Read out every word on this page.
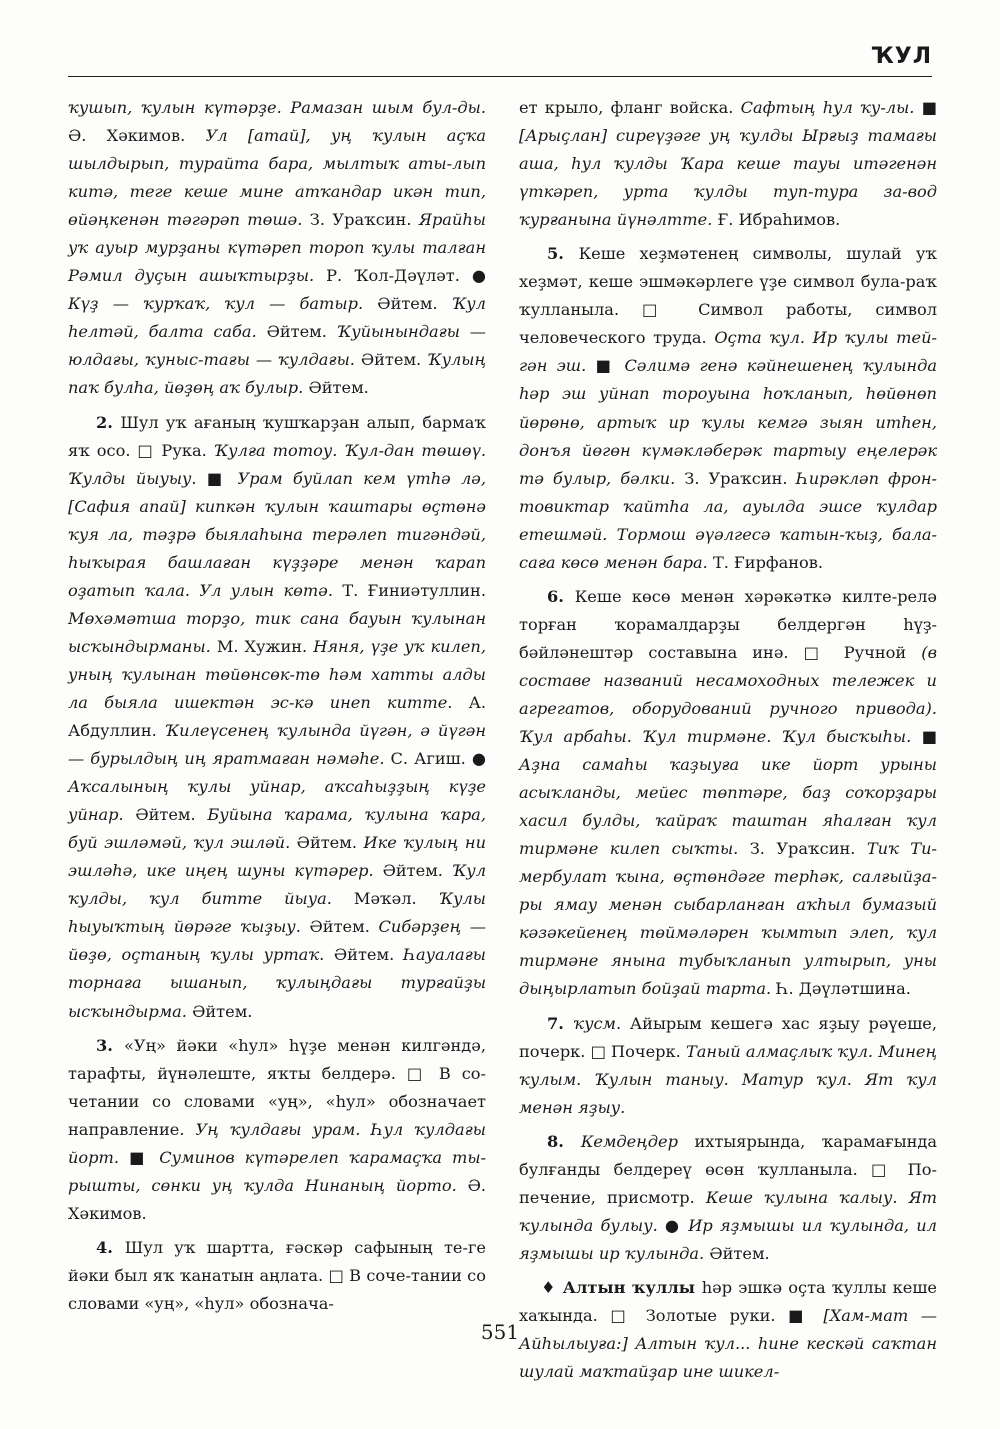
ҠУЛ

ҡушып, ҡулын күтәрҙе. Рамазан шым бул-ды.Ә. Хәкимов. Ул [атай], уң ҡулын аҫҡа шылдырып, турайта бара, мылтыҡ аты-лып китә, теге кеше мине атҡандар икән тип, өйәңкенән тәгәрәп төшә. З. Ураҡсин. Ярайһы уҡ ауыр мурҙаны күтәреп тороп ҡулы талған Рәмил дуҫын ашыҡтырҙы. Р. Ҡол-Дәүләт. ●Күҙ — ҡурҡаҡ, ҡул — батыр. Әйтем. Ҡул һелтәй, балта саба. Әйтем. Ҡуйынындағы — юлдағы, ҡуныс-тағы — ҡулдағы. Әйтем. Ҡулың паҡ булһа, йөҙөң аҡ булыр. Әйтем.

2. Шул уҡ ағаның ҡушҡарҙан алып, бармаҡ яҡ осо. □ Рука. Ҡулға тотоу. Ҡул-дан төшөү. Ҡулды йыуыу. ■ Урам буйлап кем үтһә лә, [Сафия апай] кипкән ҡулын ҡаштары өҫтөнә ҡуя ла, тәҙрә быялаһына терәлеп тигәндәй, һыҡырая башлаған күҙҙәре менән ҡарап оҙатып ҡала. Ул улын көтә. Т. Ғиниәтуллин.Мөхәмәтша торҙо, тик сана бауын ҡулынан ысҡындырманы. М. Хужин. Няня, үҙе уҡ килеп, уның ҡулынан төйөнсөк-тө һәм хатты алды ла быяла ишектән эс-кә инеп китте. А. Абдуллин. Ҡилеүсенең ҡулында йүгән, ә йүгән — бурылдың иң яратмаған нәмәһе. С. Агиш. ●Аҡсалының ҡулы уйнар, аҡсаһыҙҙың күҙе уйнар. Әйтем. Буйына ҡарама, ҡулына ҡара, буй эшләмәй, ҡул эшләй. Әйтем. Ике ҡулың ни эшләһә, ике иңең шуны күтәрер. Әйтем. Ҡул ҡулды, ҡул битте йыуа. Мәҡәл. Ҡулы һыуыҡтың йөрәге ҡыҙыу. Әйтем. Сибәрҙең — йөҙө, оҫтаның ҡулы уртаҡ. Әйтем. Һауалағы торнаға ышанып, ҡулыңдағы турғайҙы ысҡындырма. Әйтем.

3. «Уң» йәки «һул» һүҙе менән килгәндә, тарафты, йүнәлеште, яҡты белдерә. □ В со-четании со словами «уң», «һул» обозначает направление. Уң ҡулдағы урам. Һул ҡулдағы йорт. ■ Суминов күтәрелеп ҡарамаҫҡа ты-рышты, сөнки уң ҡулда Нинаның йорто. Ә. Хәкимов.

4. Шул уҡ шартта, ғәскәр сафының те-ге йәки был яҡ ҡанатын аңлата. □ В соче-тании со словами «уң», «һул» обознача-

ет крыло, фланг войска. Сафтың һул ҡу-лы. ■[Арыҫлан] сиреүҙәге уң ҡулды Ырғыҙ тамағы аша, һул ҡулды Ҡара кеше тауы итәгенән үткәреп, урта ҡулды туп-тура за-вод ҡурғанына йүнәлтте. Ғ. Ибраһимов.

5. Кеше хеҙмәтенең символы, шулай уҡ хеҙмәт, кеше эшмәкәрлеге үҙе символ була-раҡ ҡулланыла. □ Символ работы, символ человеческого труда. Оҫта ҡул. Ир ҡулы тей-гән эш. ■ Сәлимә генә кәйнешенең ҡулында һәр эш уйнап тороуына һоҡланып, һөйөнөп йөрөнө, артыҡ ир ҡулы кемгә зыян итһен, донъя йөгөн күмәкләберәк тартыу еңелерәк тә булыр, бәлки. З. Ураҡсин. Һирәкләп фрон-товиктар ҡайтһа ла, ауылда эшсе ҡулдар етешмәй. Тормош әүәлгесә ҡатын-ҡыҙ, бала-саға көсө менән бара. Т. Ғирфанов.

6. Кеше көсө менән хәрәкәткә килте-релә торған ҡорамалдарҙы белдергән һүҙ-бәйләнештәр составына инә. □ Ручной (в составе названий несамоходных тележек и агрегатов, оборудований ручного привода).Ҡул арбаһы. Ҡул тирмәне. Ҡул бысҡыһы. ■Аҙна самаһы ҡаҙыуға ике йорт урыны асыҡланды, мейес төптәре, баҙ соҡорҙары хасил булды, ҡайраҡ таштан яһалған ҡул тирмәне килеп сыҡты. З. Ураҡсин. Тиҡ Ти-мербулат ҡына, өҫтөндәге терһәк, салғыйҙа-ры ямау менән сыбарланған аҡһыл бумазый кәзәкейенең төймәләрен ҡымтып элеп, ҡул тирмәне янына тубыҡланып ултырып, уны дыңырлатып бойҙай тарта. Һ. Дәүләтшина.

7. ҡусм. Айырым кешегә хас яҙыу рәүеше, почерк. □ Почерк. Таный алмаҫлыҡ ҡул. Минең ҡулым. Ҡулын таныу. Матур ҡул. Ят ҡул менән яҙыу.

8. Кемдеңдер ихтыярында, ҡарамағында булғанды белдереү өсөн ҡулланыла. □ По-печение, присмотр. Кеше ҡулына ҡалыу. Ят ҡулында булыу. ● Ир яҙмышы ил ҡулында, ил яҙмышы ир ҡулында. Әйтем.

♦ Алтын ҡуллы һәр эшкә оҫта ҡуллы кеше хаҡында. □ Золотые руки. ■ [Хам-мат — Айһылыуға:] Алтын ҡул... һине кескәй саҡтан шулай маҡтайҙар ине шикел-

551
